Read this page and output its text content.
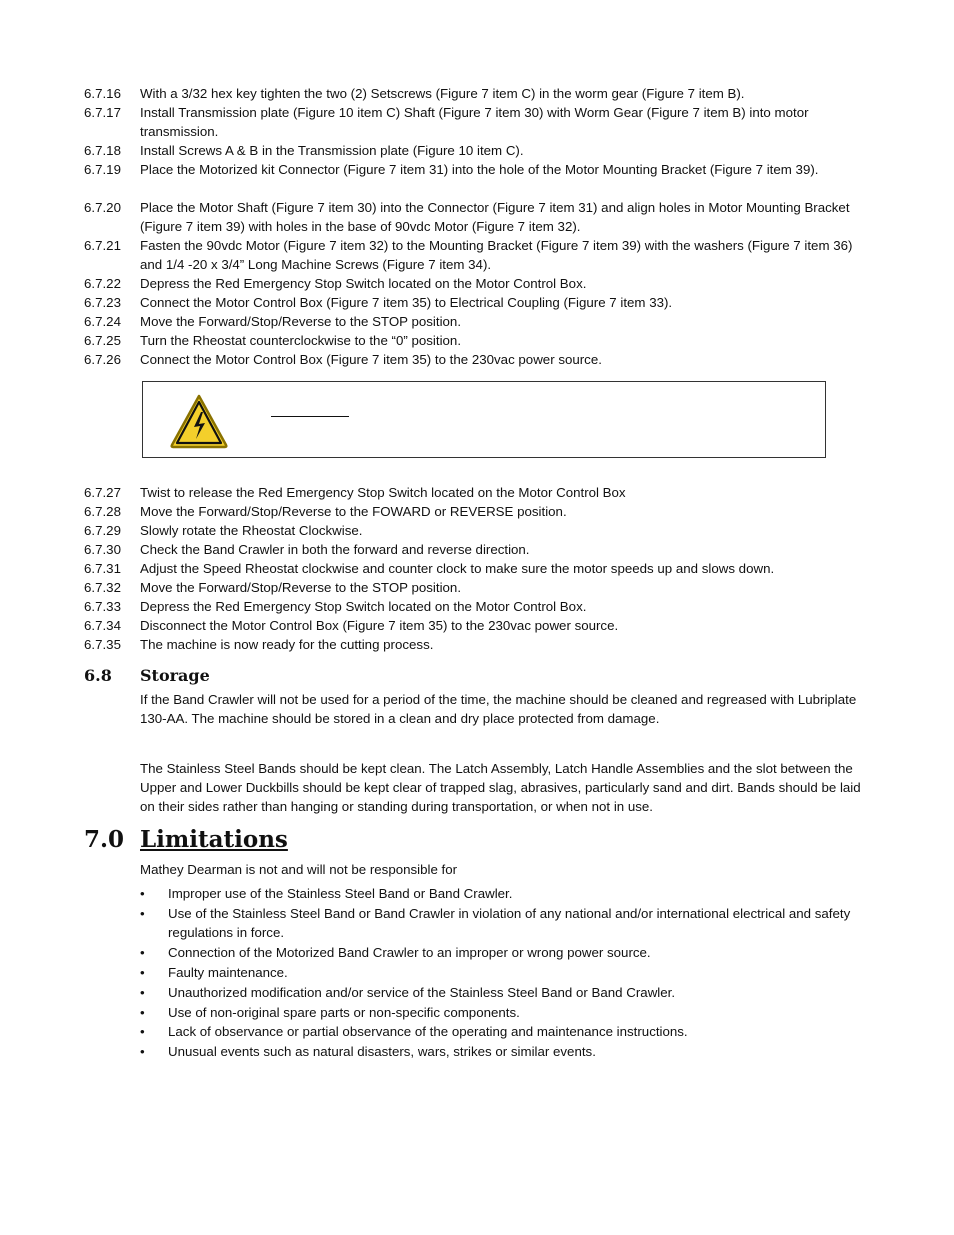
6.7.16	With a 3/32 hex key tighten the two (2) Setscrews (Figure 7 item C) in the worm gear (Figure 7 item B).
6.7.17	Install Transmission plate (Figure 10 item C) Shaft (Figure 7 item 30) with Worm Gear (Figure 7 item B) into motor transmission.
6.7.18	Install Screws A & B in the Transmission plate (Figure 10 item C).
6.7.19	Place the Motorized kit Connector (Figure 7 item 31) into the hole of the Motor Mounting Bracket (Figure 7 item 39).
6.7.20	Place the Motor Shaft (Figure 7 item 30) into the Connector (Figure 7 item 31) and align holes in Motor Mounting Bracket (Figure 7 item 39) with holes in the base of 90vdc Motor (Figure 7 item 32).
6.7.21	Fasten the 90vdc Motor (Figure 7 item 32) to the Mounting Bracket (Figure 7 item 39) with the washers (Figure 7 item 36) and 1/4 -20 x 3/4” Long Machine Screws (Figure 7 item 34).
6.7.22	Depress the Red Emergency Stop Switch located on the Motor Control Box.
6.7.23	Connect the Motor Control Box (Figure 7 item 35) to Electrical Coupling (Figure 7 item 33).
6.7.24	Move the Forward/Stop/Reverse to the STOP position.
6.7.25	Turn the Rheostat counterclockwise to the “0” position.
6.7.26	Connect the Motor Control Box (Figure 7 item 35) to the 230vac power source.
6.7.27	Twist to release the Red Emergency Stop Switch located on the Motor Control Box
6.7.28	Move the Forward/Stop/Reverse to the FOWARD or REVERSE position.
6.7.29	Slowly rotate the Rheostat Clockwise.
6.7.30	Check the Band Crawler in both the forward and reverse direction.
6.7.31	Adjust the Speed Rheostat clockwise and counter clock to make sure the motor speeds up and slows down.
6.7.32	Move the Forward/Stop/Reverse to the STOP position.
6.7.33	Depress the Red Emergency Stop Switch located on the Motor Control Box.
6.7.34	Disconnect the Motor Control Box (Figure 7 item 35) to the 230vac power source.
6.7.35	The machine is now ready for the cutting process.
6.8 Storage
If the Band Crawler will not be used for a period of the time, the machine should be cleaned and regreased with Lubriplate 130-AA. The machine should be stored in a clean and dry place protected from damage.
The Stainless Steel Bands should be kept clean. The Latch Assembly, Latch Handle Assemblies and the slot between the Upper and Lower Duckbills should be kept clear of trapped slag, abrasives, particularly sand and dirt. Bands should be laid on their sides rather than hanging or standing during transportation, or when not in use.
7.0 Limitations
Mathey Dearman is not and will not be responsible for
• Improper use of the Stainless Steel Band or Band Crawler.
• Use of the Stainless Steel Band or Band Crawler in violation of any national and/or international electrical and safety regulations in force.
• Connection of the Motorized Band Crawler to an improper or wrong power source.
• Faulty maintenance.
• Unauthorized modification and/or service of the Stainless Steel Band or Band Crawler.
• Use of non-original spare parts or non-specific components.
• Lack of observance or partial observance of the operating and maintenance instructions.
• Unusual events such as natural disasters, wars, strikes or similar events.
